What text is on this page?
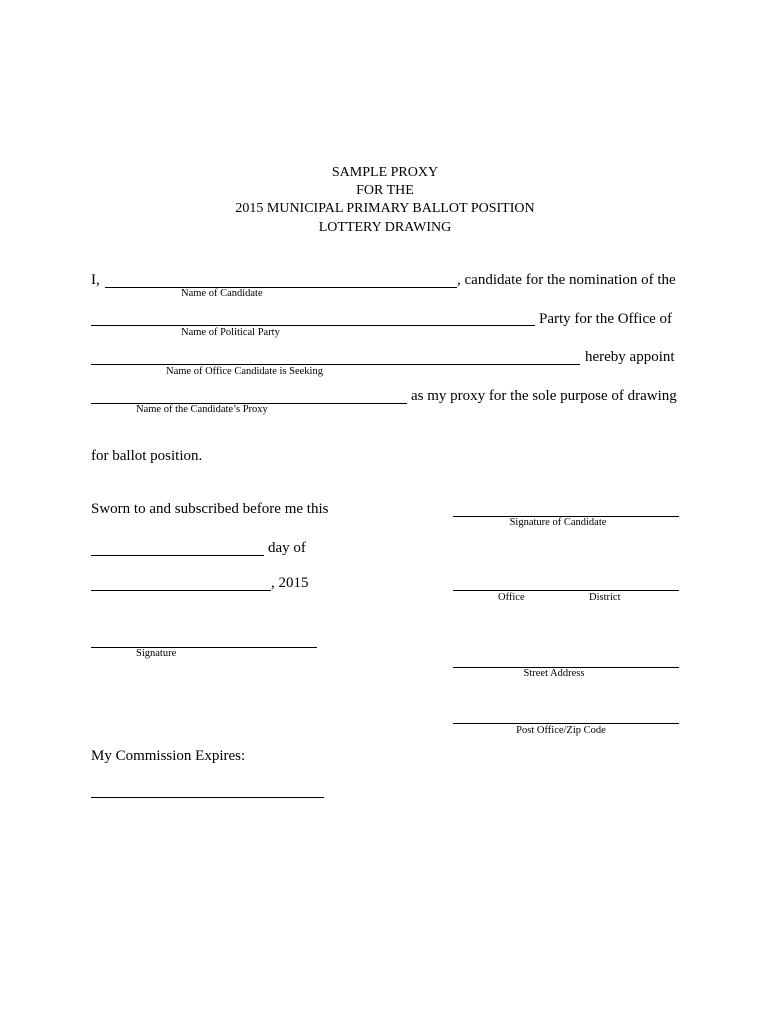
SAMPLE PROXY
FOR THE
2015 MUNICIPAL PRIMARY BALLOT POSITION
LOTTERY DRAWING
I,	, candidate for the nomination of the
Name of Candidate
Party for the Office of
Name of Political Party
hereby appoint
Name of Office Candidate is Seeking
as my proxy for the sole purpose of drawing
Name of the Candidate’s Proxy
for ballot position.
Sworn to and subscribed before me this
day of
, 2015
Signature
My Commission Expires:
Signature of Candidate
Office	District
Street Address
Post Office/Zip Code
